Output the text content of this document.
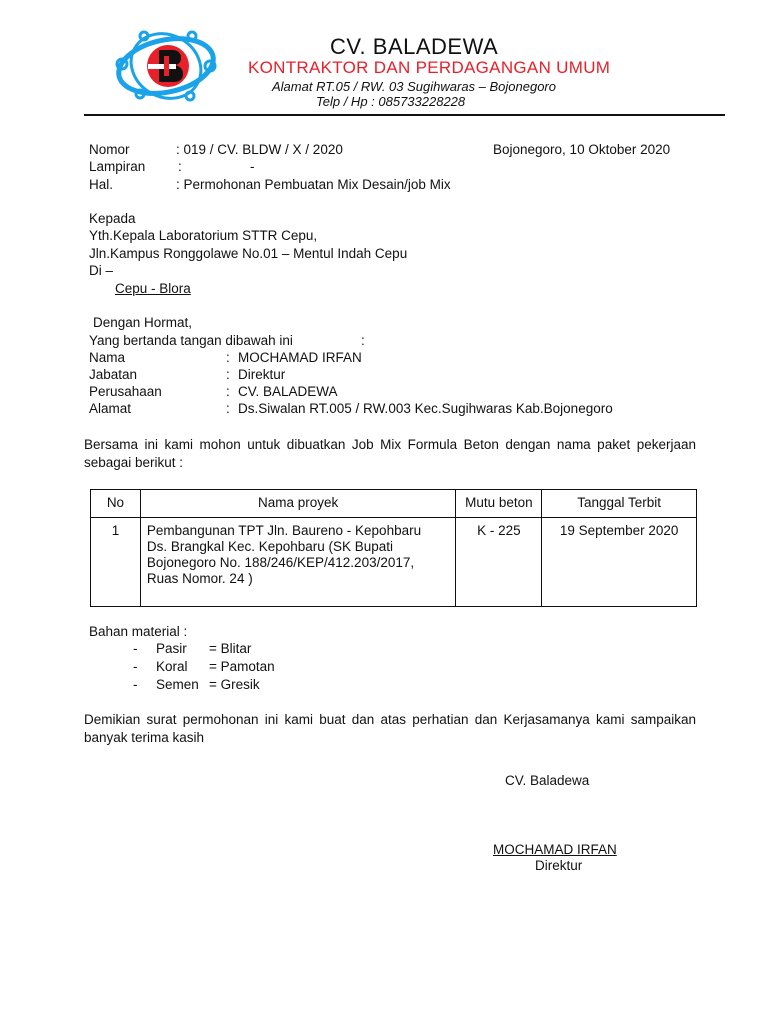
CV. BALADEWA
KONTRAKTOR DAN PERDAGANGAN UMUM
Alamat RT.05 / RW. 03 Sugihwaras – Bojonegoro
Telp / Hp : 085733228228
Nomor	: 019 / CV. BLDW / X / 2020	Bojonegoro, 10 Oktober 2020
Lampiran :	-
Hal.	: Permohonan Pembuatan Mix Desain/job Mix
Kepada
Yth.Kepala Laboratorium STTR Cepu,
Jln.Kampus Ronggolawe No.01 – Mentul Indah Cepu
Di –
Cepu - Blora
Dengan Hormat,
Yang bertanda tangan dibawah ini	:
Nama	: MOCHAMAD IRFAN
Jabatan	: Direktur
Perusahaan	: CV. BALADEWA
Alamat	: Ds.Siwalan RT.005 / RW.003 Kec.Sugihwaras Kab.Bojonegoro
Bersama ini kami mohon untuk dibuatkan Job Mix Formula Beton dengan nama paket pekerjaan sebagai berikut :
No	Nama proyek	Mutu beton	Tanggal Terbit
1	Pembangunan TPT Jln. Baureno - Kepohbaru Ds. Brangkal Kec. Kepohbaru (SK Bupati Bojonegoro No. 188/246/KEP/412.203/2017, Ruas Nomor. 24 )	K - 225	19 September 2020
Bahan material :
- Pasir = Blitar
- Koral = Pamotan
- Semen = Gresik
Demikian surat permohonan ini kami buat dan atas perhatian dan Kerjasamanya kami sampaikan banyak terima kasih
CV. Baladewa
MOCHAMAD IRFAN
Direktur
